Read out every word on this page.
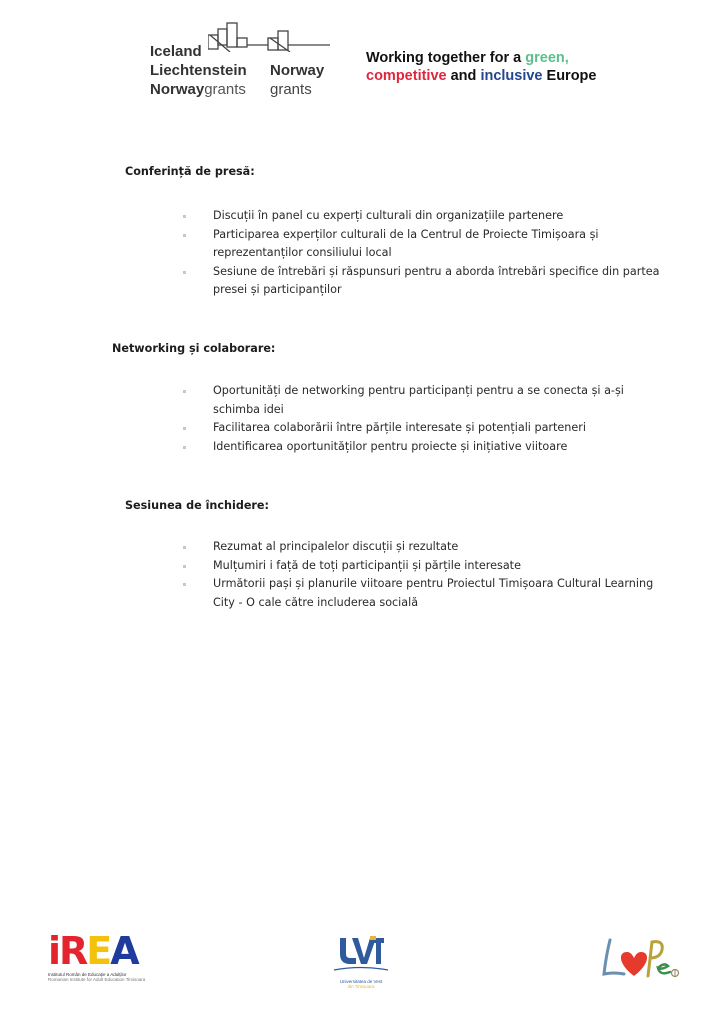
Iceland
Liechtenstein
Norwaygrants
Norway
grants
Working together for a green,
competitive and inclusive Europe
Conferință de presă:
Discuții în panel cu experți culturali din organizațiile partenere
Participarea experților culturali de la Centrul de Proiecte Timișoara și reprezentanților consiliului local
Sesiune de întrebări și răspunsuri pentru a aborda întrebări specifice din partea presei și participanților
Networking și colaborare:
Oportunități de networking pentru participanți pentru a se conecta și a-și schimba idei
Facilitarea colaborării între părțile interesate și potențiali parteneri
Identificarea oportunităților pentru proiecte și inițiative viitoare
Sesiunea de închidere:
Rezumat al principalelor discuții și rezultate
Mulțumiri i față de toți participanții și părțile interesate
Următorii pași și planurile viitoare pentru Proiectul Timișoara Cultural Learning City - O cale către includerea socială
iREA
Institutul Român de Educație a Adulților
Romanian Institute for Adult Education Timisoara	Universitatea de Vest
din Timișoara
